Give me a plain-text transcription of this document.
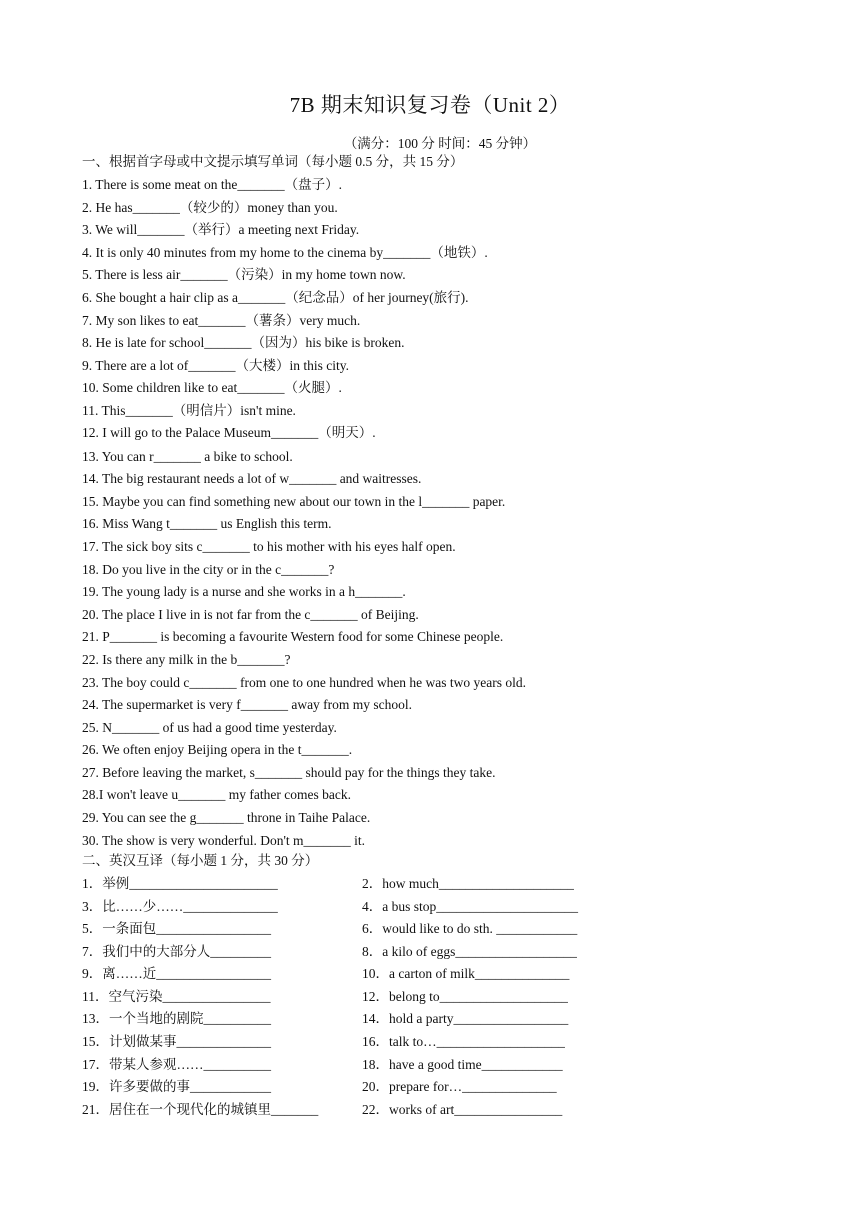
7B 期末知识复习卷（Unit 2）
（满分：100 分 时间：45 分钟）
一、根据首字母或中文提示填写单词（每小题 0.5 分，共 15 分）
1. There is some meat on the_______（盘子）.
2. He has_______（较少的）money than you.
3. We will_______（举行）a meeting next Friday.
4. It is only 40 minutes from my home to the cinema by_______（地铁）.
5. There is less air_______（污染）in my home town now.
6. She bought a hair clip as a_______（纪念品）of her journey(旅行).
7. My son likes to eat_______（薯条）very much.
8. He is late for school_______（因为）his bike is broken.
9. There are a lot of_______（大楼）in this city.
10. Some children like to eat_______（火腿）.
11. This_______（明信片）isn't mine.
12. I will go to the Palace Museum_______（明天）.
13. You can r_______ a bike to school.
14. The big restaurant needs a lot of w_______ and waitresses.
15. Maybe you can find something new about our town in the l_______ paper.
16. Miss Wang t_______ us English this term.
17. The sick boy sits c_______ to his mother with his eyes half open.
18. Do you live in the city or in the c_______?
19. The young lady is a nurse and she works in a h_______.
20. The place I live in is not far from the c_______ of Beijing.
21. P_______ is becoming a favourite Western food for some Chinese people.
22. Is there any milk in the b_______?
23. The boy could c_______ from one to one hundred when he was two years old.
24. The supermarket is very f_______ away from my school.
25. N_______ of us had a good time yesterday.
26. We often enjoy Beijing opera in the t_______.
27. Before leaving the market, s_______ should pay for the things they take.
28.I won't leave u_______ my father comes back.
29. You can see the g_______ throne in Taihe Palace.
30. The show is very wonderful. Don't m_______ it.
二、英汉互译（每小题 1 分，共 30 分）
1．举例______________________	2．how much____________________
3．比……少……______________	4．a bus stop_____________________
5．一条面包_________________	6．would like to do sth. ____________
7．我们中的大部分人_________	8．a kilo of eggs__________________
9．离……近_________________	10．a carton of milk______________
11．空气污染________________	12．belong to___________________
13．一个当地的剧院__________	14．hold a party_________________
15．计划做某事______________	16．talk to…___________________
17．带某人参观……__________	18．have a good time____________
19．许多要做的事____________	20．prepare for…______________
21．居住在一个现代化的城镇里_______	22．works of art________________
